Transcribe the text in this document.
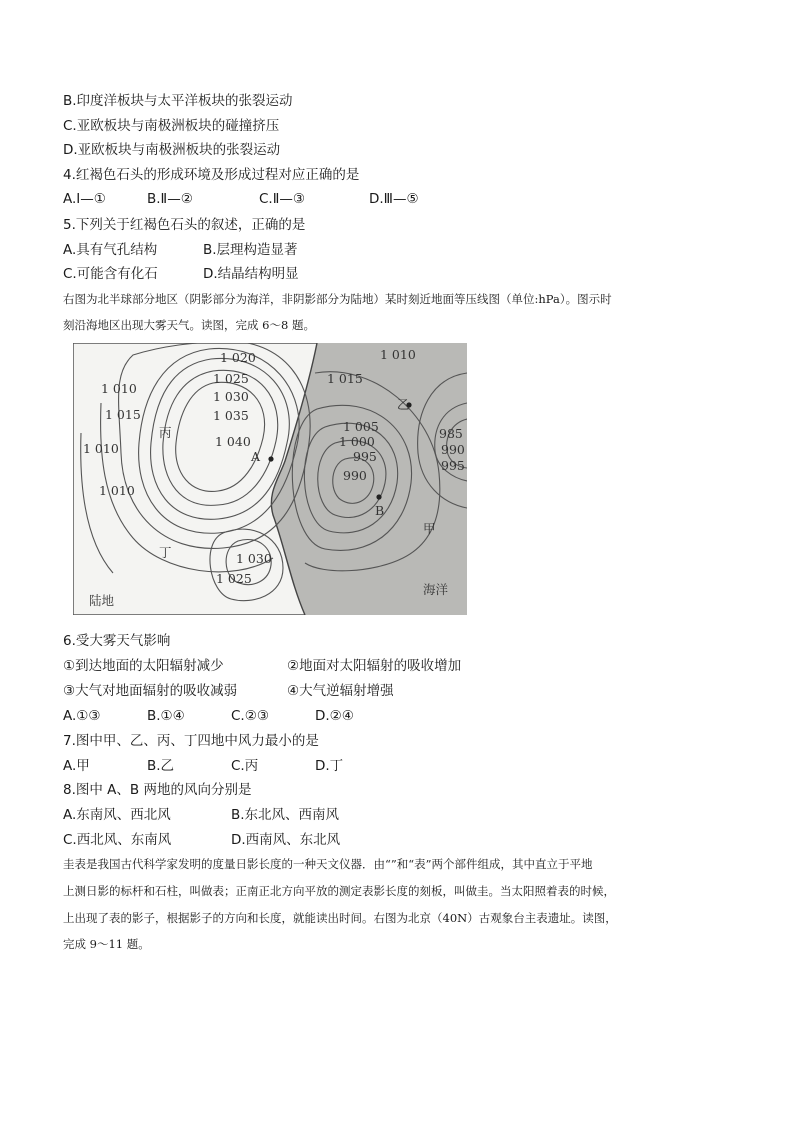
B.印度洋板块与太平洋板块的张裂运动
C.亚欧板块与南极洲板块的碰撞挤压
D.亚欧板块与南极洲板块的张裂运动
4.红褐色石头的形成环境及形成过程对应正确的是
A.Ⅰ—①	B.Ⅱ—②	C.Ⅱ—③	D.Ⅲ—⑤
5.下列关于红褐色石头的叙述，正确的是
A.具有气孔结构	B.层理构造显著
C.可能含有化石	D.结晶结构明显
右图为北半球部分地区（阴影部分为海洋，非阴影部分为陆地）某时刻近地面等压线图（单位:hPa）。图示时
刻沿海地区出现大雾天气。读图，完成 6～8 题。
1 020
1 025
1 030
1 035
1 040
1 010
1 015
1 010
1 010
1 030
1 025
1 010
1 015
1 005
1 000
995
990
985
990
995
丙
丁
甲
乙
A
B
陆地
海洋
6.受大雾天气影响
①到达地面的太阳辐射减少	②地面对太阳辐射的吸收增加
③大气对地面辐射的吸收减弱	④大气逆辐射增强
A.①③	B.①④	C.②③	D.②④
7.图中甲、乙、丙、丁四地中风力最小的是
A.甲	B.乙	C.丙	D.丁
8.图中 A、B 两地的风向分别是
A.东南风、西北风	B.东北风、西南风
C.西北风、东南风	D.西南风、东北风
圭表是我国古代科学家发明的度量日影长度的一种天文仪器．由“”和“表”两个部件组成，其中直立于平地
上测日影的标杆和石柱，叫做表；正南正北方向平放的测定表影长度的刻板，叫做圭。当太阳照着表的时候，
上出现了表的影子，根据影子的方向和长度，就能读出时间。右图为北京（40N）古观象台主表遗址。读图，
完成 9～11 题。
